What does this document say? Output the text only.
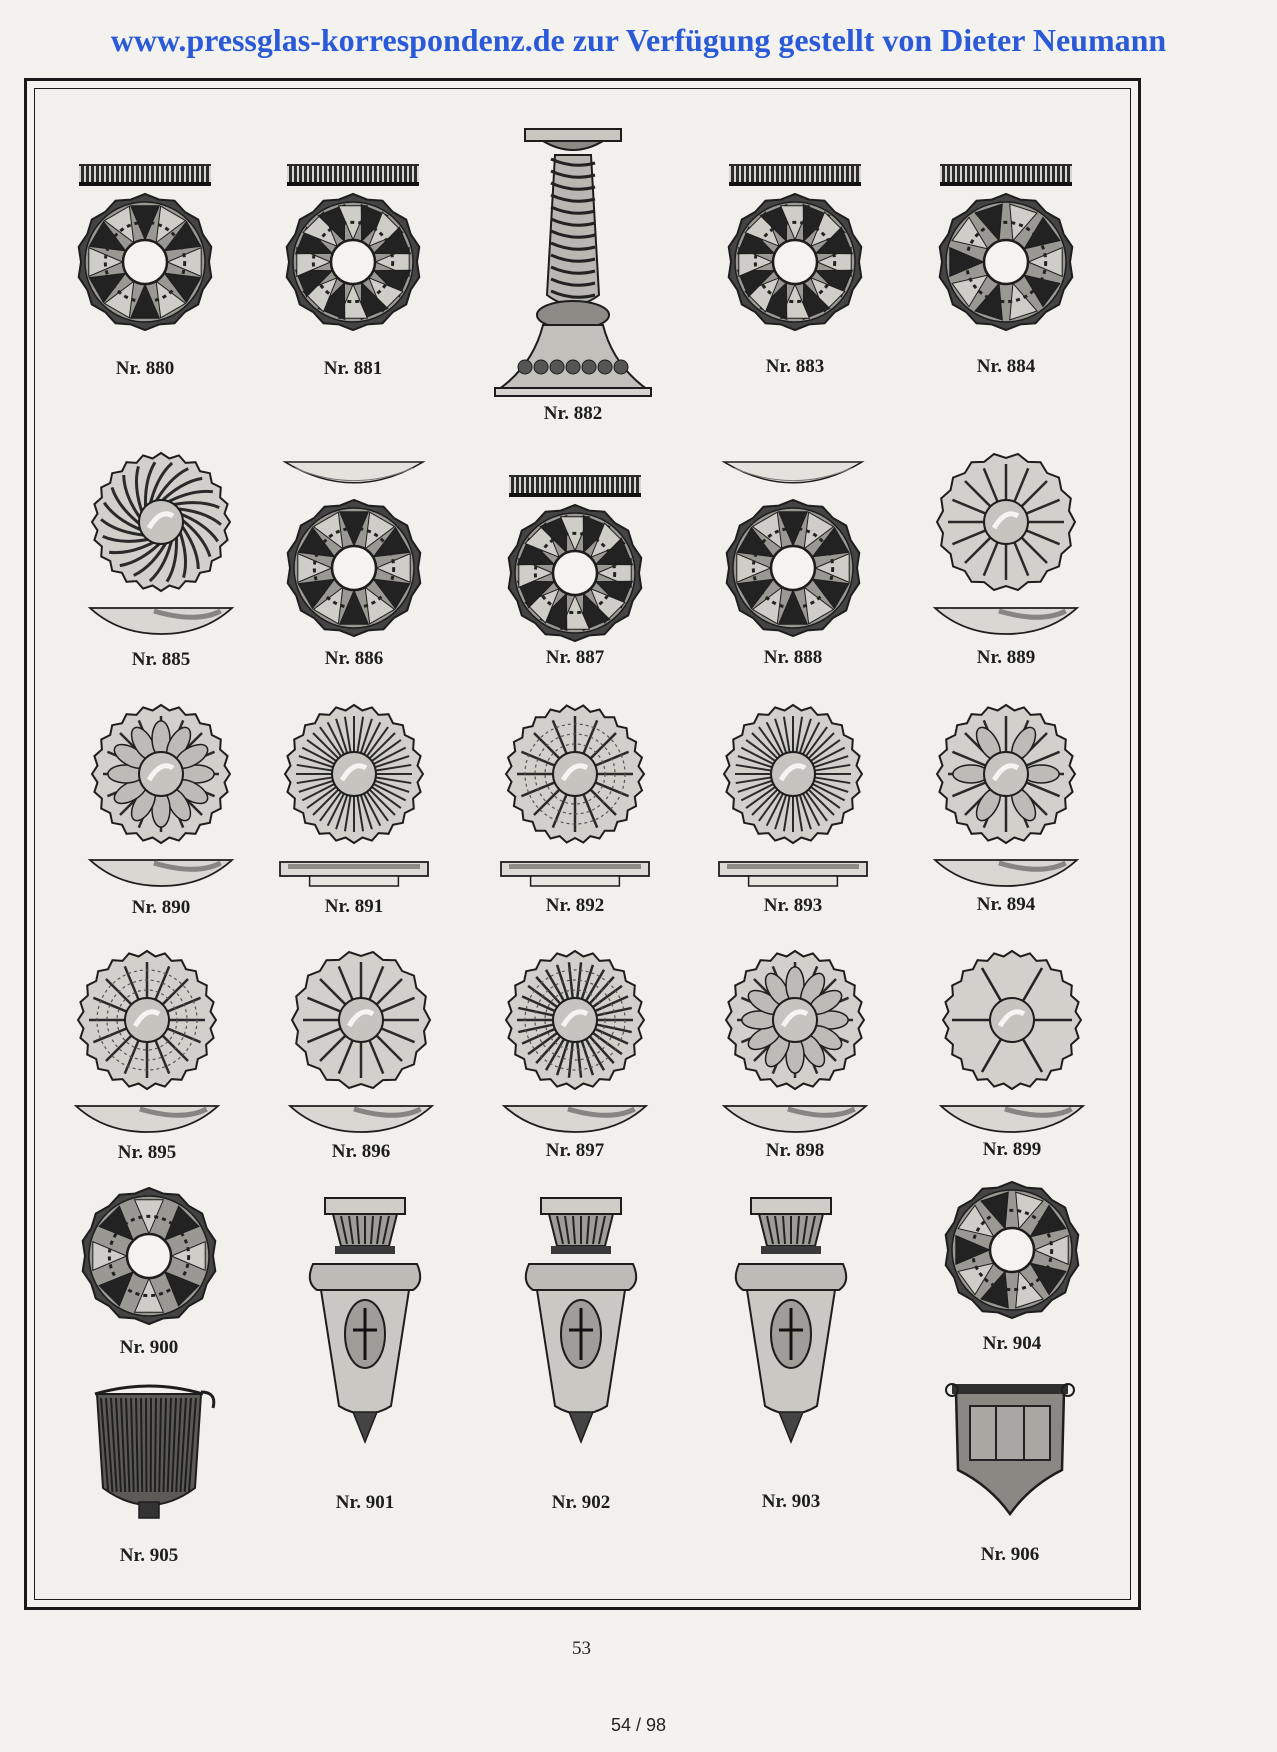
www.pressglas-korrespondenz.de zur Verfügung gestellt von Dieter Neumann
Nr. 880	Nr. 881
Nr. 882
Nr. 883	Nr. 884
Nr. 885	Nr. 886	Nr. 887	Nr. 888	Nr. 889
Nr. 890	Nr. 891	Nr. 892	Nr. 893	Nr. 894
Nr. 895	Nr. 896	Nr. 897	Nr. 898	Nr. 899
Nr. 900
Nr. 901	Nr. 902	Nr. 903
Nr. 904
Nr. 905	Nr. 906
53
54 / 98
